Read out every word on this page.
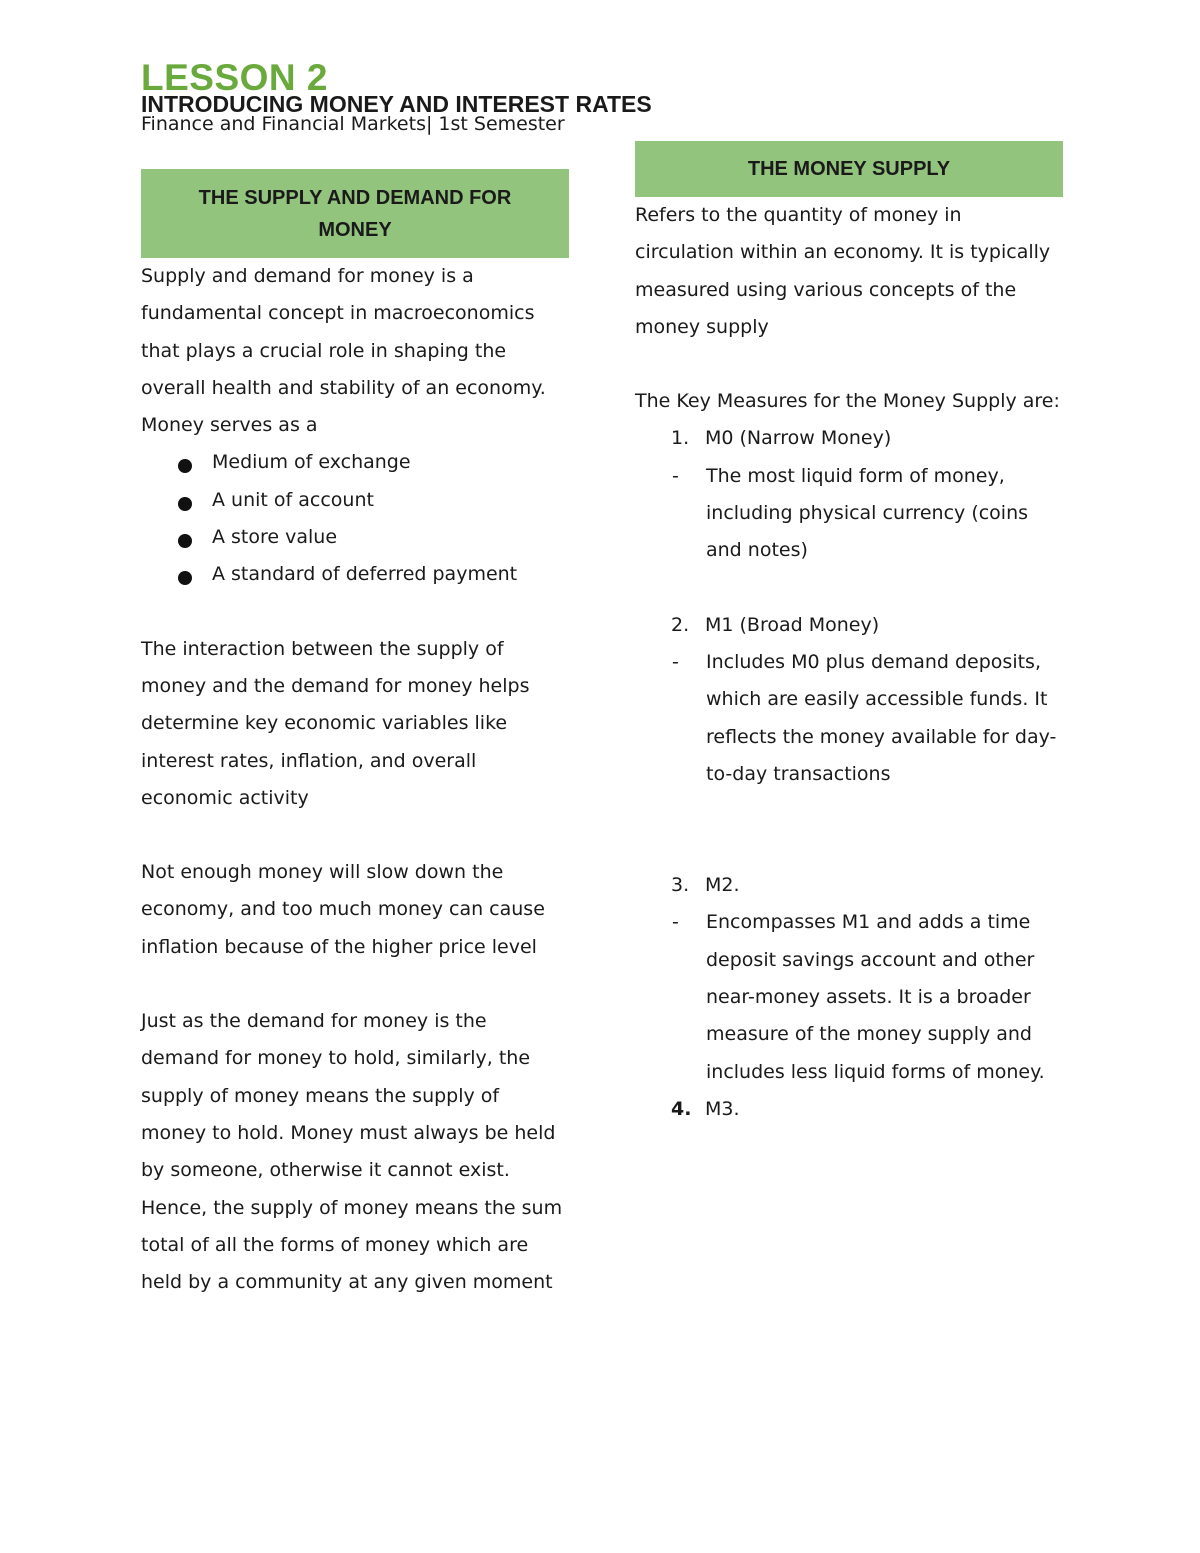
LESSON 2
INTRODUCING MONEY AND INTEREST RATES
Finance and Financial Markets| 1st Semester
THE SUPPLY AND DEMAND FOR
MONEY

Supply and demand for money is a fundamental concept in macroeconomics that plays a crucial role in shaping the overall health and stability of an economy. Money serves as a

Medium of exchange
A unit of account
A store value
A standard of deferred payment

The interaction between the supply of money and the demand for money helps determine key economic variables like interest rates, inflation, and overall economic activity

Not enough money will slow down the economy, and too much money can cause inflation because of the higher price level

Just as the demand for money is the demand for money to hold, similarly, the supply of money means the supply of money to hold. Money must always be held by someone, otherwise it cannot exist. Hence, the supply of money means the sum total of all the forms of money which are held by a community at any given moment

THE MONEY SUPPLY

Refers to the quantity of money in circulation within an economy. It is typically measured using various concepts of the money supply

The Key Measures for the Money Supply are:

1. M0 (Narrow Money)
- The most liquid form of money, including physical currency (coins and notes)
2. M1 (Broad Money)
- Includes M0 plus demand deposits, which are easily accessible funds. It reflects the money available for day-to-day transactions
3. M2.
- Encompasses M1 and adds a time deposit savings account and other near-money assets. It is a broader measure of the money supply and includes less liquid forms of money.
4. M3.
